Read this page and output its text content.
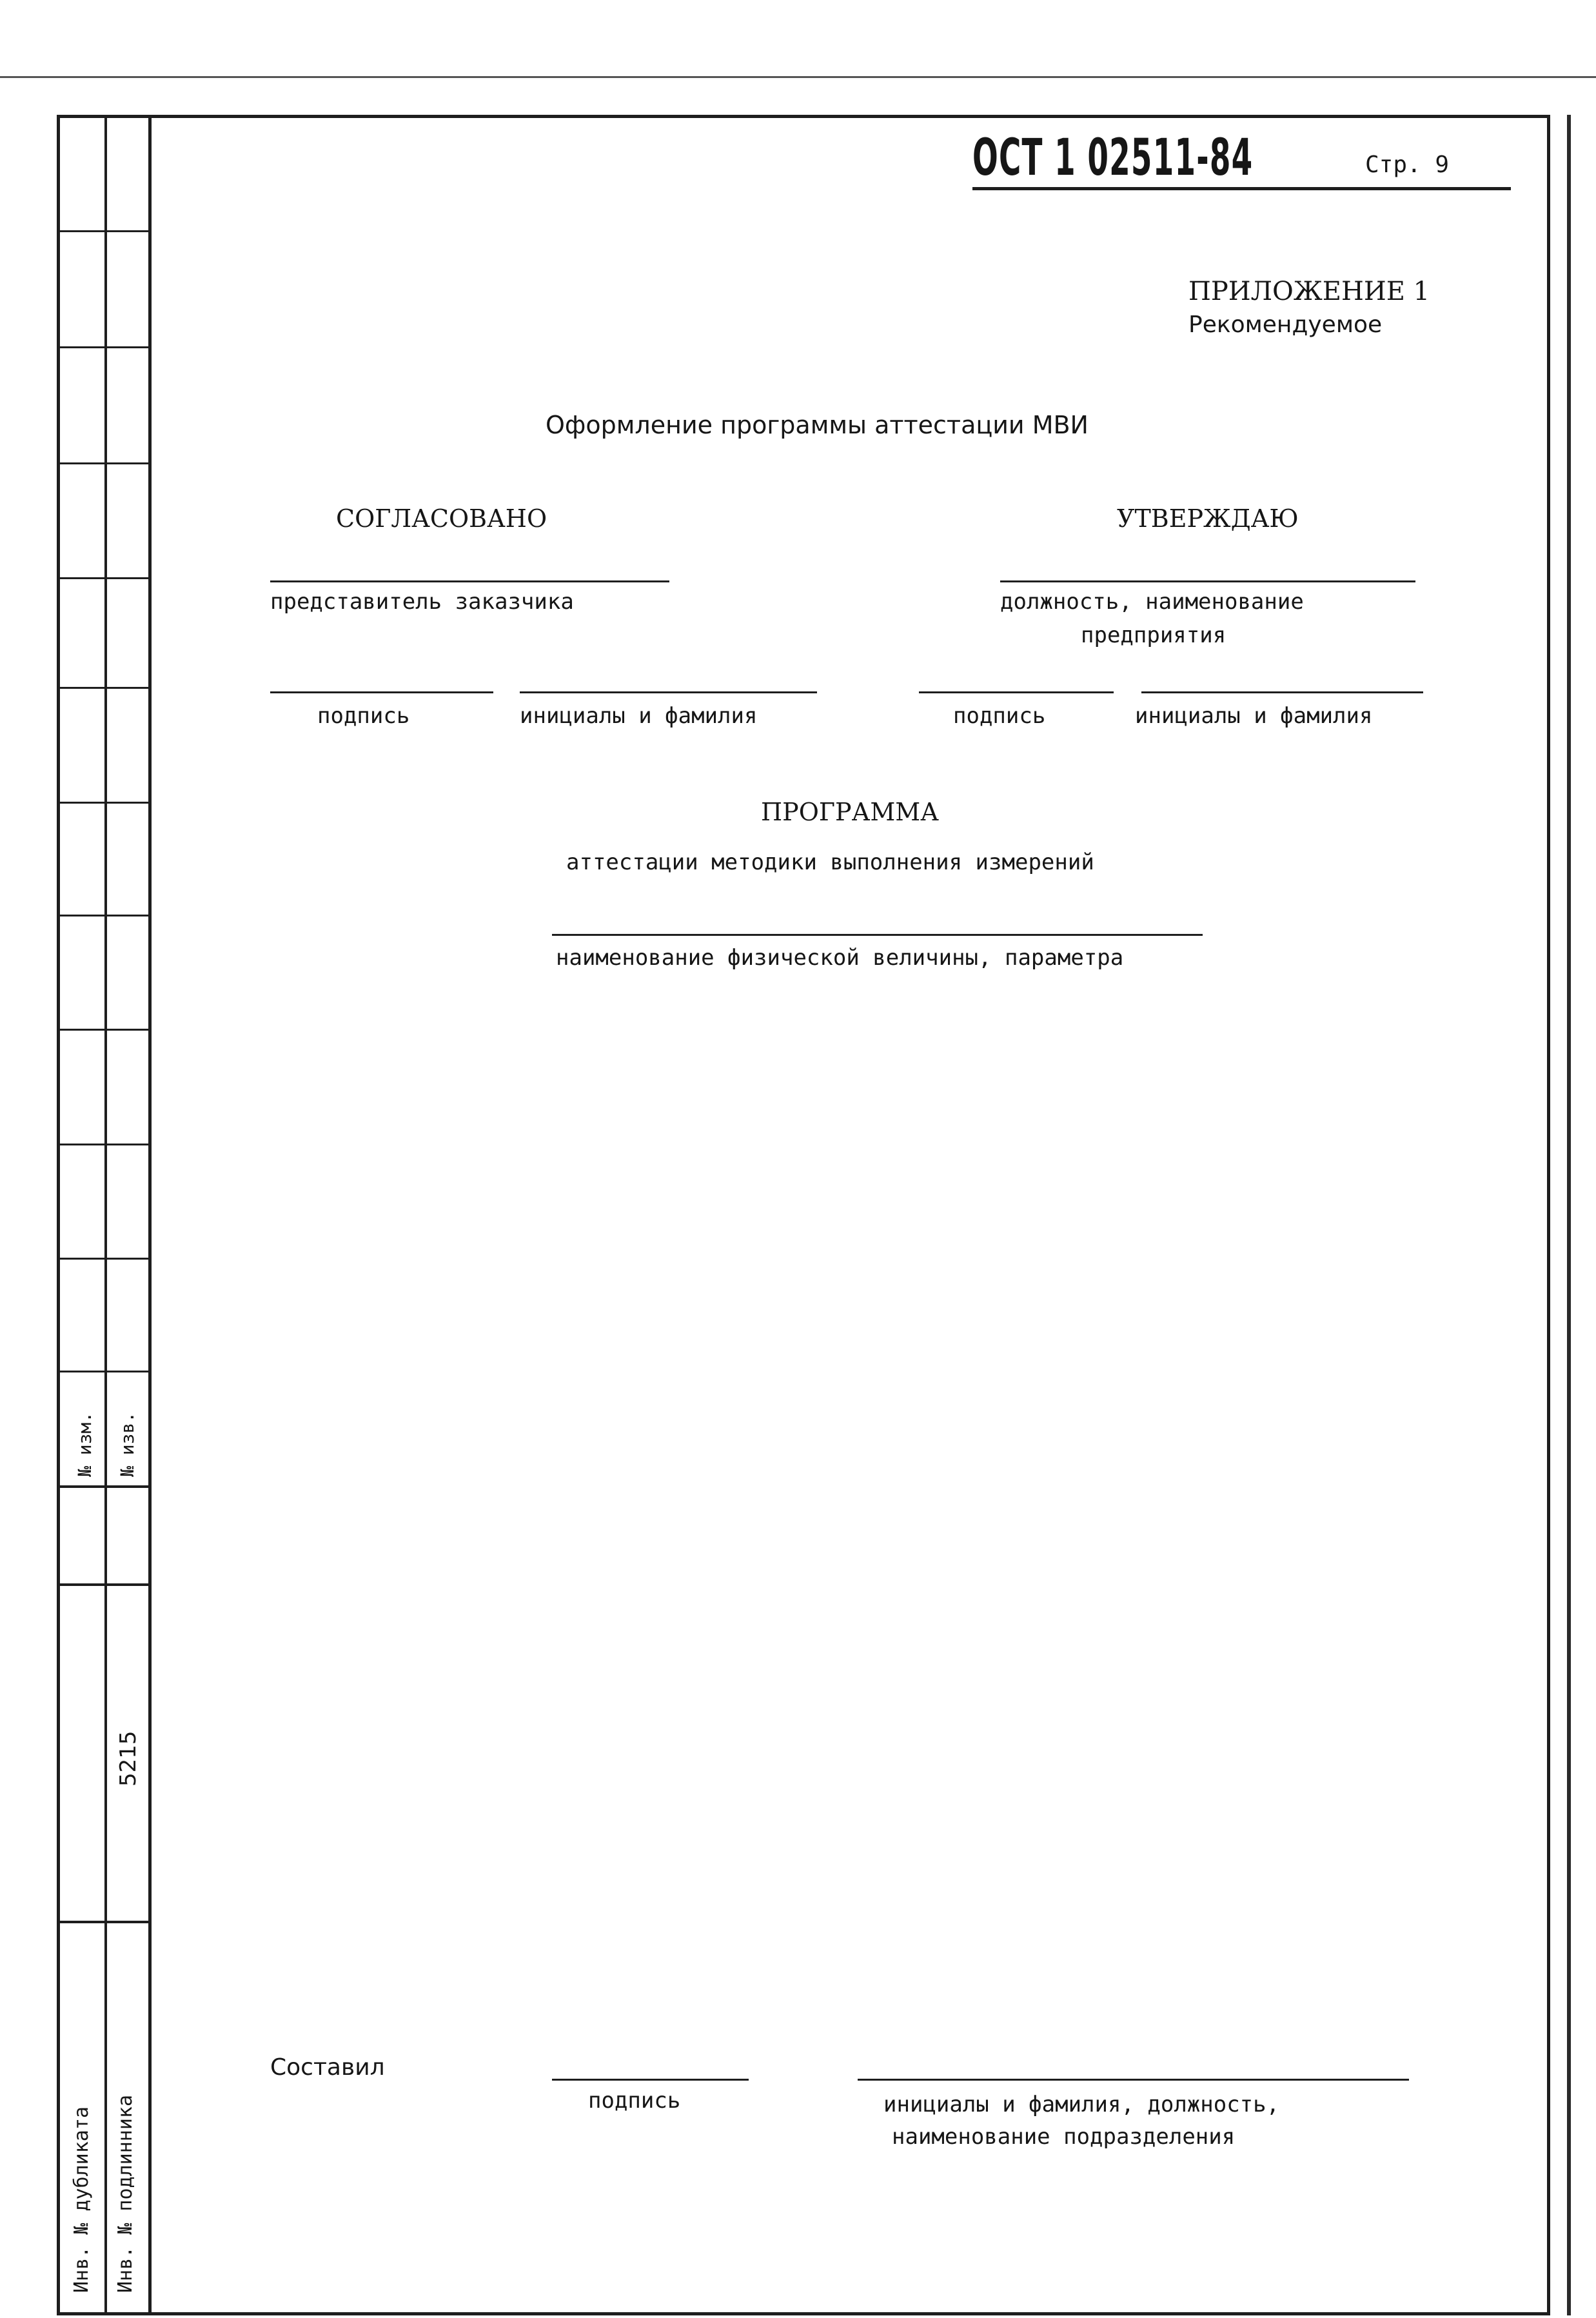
№ изм. № изв.
5215
Инв. № дубликата Инв. № подлинника
ОСТ 1 02511-84	Стр. 9
ПРИЛОЖЕНИЕ 1
Рекомендуемое
Оформление программы аттестации МВИ
СОГЛАСОВАНО	УТВЕРЖДАЮ
представитель заказчика
подпись	инициалы и фамилия
должность, наименование
предприятия
подпись	инициалы и фамилия
ПРОГРАММА
аттестации методики выполнения измерений
наименование физической величины, параметра
Составил
подпись	инициалы и фамилия, должность,
наименование подразделения
